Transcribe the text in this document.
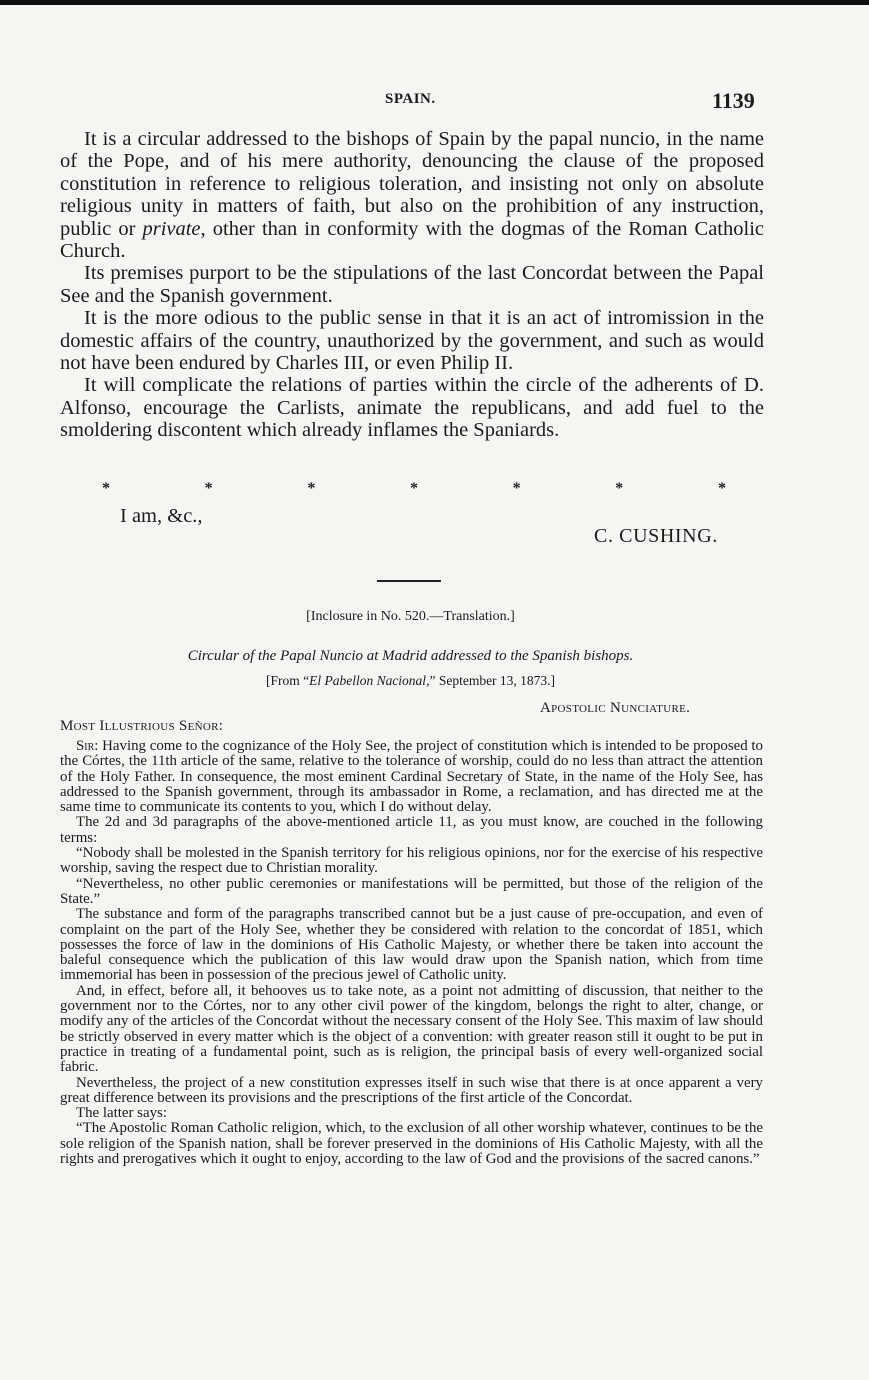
SPAIN.	1139

It is a circular addressed to the bishops of Spain by the papal nuncio, in the name of the Pope, and of his mere authority, denouncing the clause of the proposed constitution in reference to religious toleration, and insisting not only on absolute religious unity in matters of faith, but also on the prohibition of any instruction, public or private, other than in conformity with the dogmas of the Roman Catholic Church.

Its premises purport to be the stipulations of the last Concordat between the Papal See and the Spanish government.

It is the more odious to the public sense in that it is an act of intromission in the domestic affairs of the country, unauthorized by the government, and such as would not have been endured by Charles III, or even Philip II.

It will complicate the relations of parties within the circle of the adherents of D. Alfonso, encourage the Carlists, animate the republicans, and add fuel to the smoldering discontent which already inflames the Spaniards.

*	*	*	*	*	*	*
I am, &c.,
C. CUSHING.
[Inclosure in No. 520.—Translation.]
Circular of the Papal Nuncio at Madrid addressed to the Spanish bishops.
[From “El Pabellon Nacional,” September 13, 1873.]
Apostolic Nunciature.
Most Illustrious Señor:

Sir: Having come to the cognizance of the Holy See, the project of constitution which is intended to be proposed to the Córtes, the 11th article of the same, relative to the tolerance of worship, could do no less than attract the attention of the Holy Father. In consequence, the most eminent Cardinal Secretary of State, in the name of the Holy See, has addressed to the Spanish government, through its ambassador in Rome, a reclamation, and has directed me at the same time to communicate its contents to you, which I do without delay.

The 2d and 3d paragraphs of the above-mentioned article 11, as you must know, are couched in the following terms:

“Nobody shall be molested in the Spanish territory for his religious opinions, nor for the exercise of his respective worship, saving the respect due to Christian morality.

“Nevertheless, no other public ceremonies or manifestations will be permitted, but those of the religion of the State.”

The substance and form of the paragraphs transcribed cannot but be a just cause of pre-occupation, and even of complaint on the part of the Holy See, whether they be considered with relation to the concordat of 1851, which possesses the force of law in the dominions of His Catholic Majesty, or whether there be taken into account the baleful consequence which the publication of this law would draw upon the Spanish nation, which from time immemorial has been in possession of the precious jewel of Catholic unity.

And, in effect, before all, it behooves us to take note, as a point not admitting of discussion, that neither to the government nor to the Córtes, nor to any other civil power of the kingdom, belongs the right to alter, change, or modify any of the articles of the Concordat without the necessary consent of the Holy See. This maxim of law should be strictly observed in every matter which is the object of a convention: with greater reason still it ought to be put in practice in treating of a fundamental point, such as is religion, the principal basis of every well-organized social fabric.

Nevertheless, the project of a new constitution expresses itself in such wise that there is at once apparent a very great difference between its provisions and the prescriptions of the first article of the Concordat.

The latter says:

“The Apostolic Roman Catholic religion, which, to the exclusion of all other worship whatever, continues to be the sole religion of the Spanish nation, shall be forever preserved in the dominions of His Catholic Majesty, with all the rights and prerogatives which it ought to enjoy, according to the law of God and the provisions of the sacred canons.”
